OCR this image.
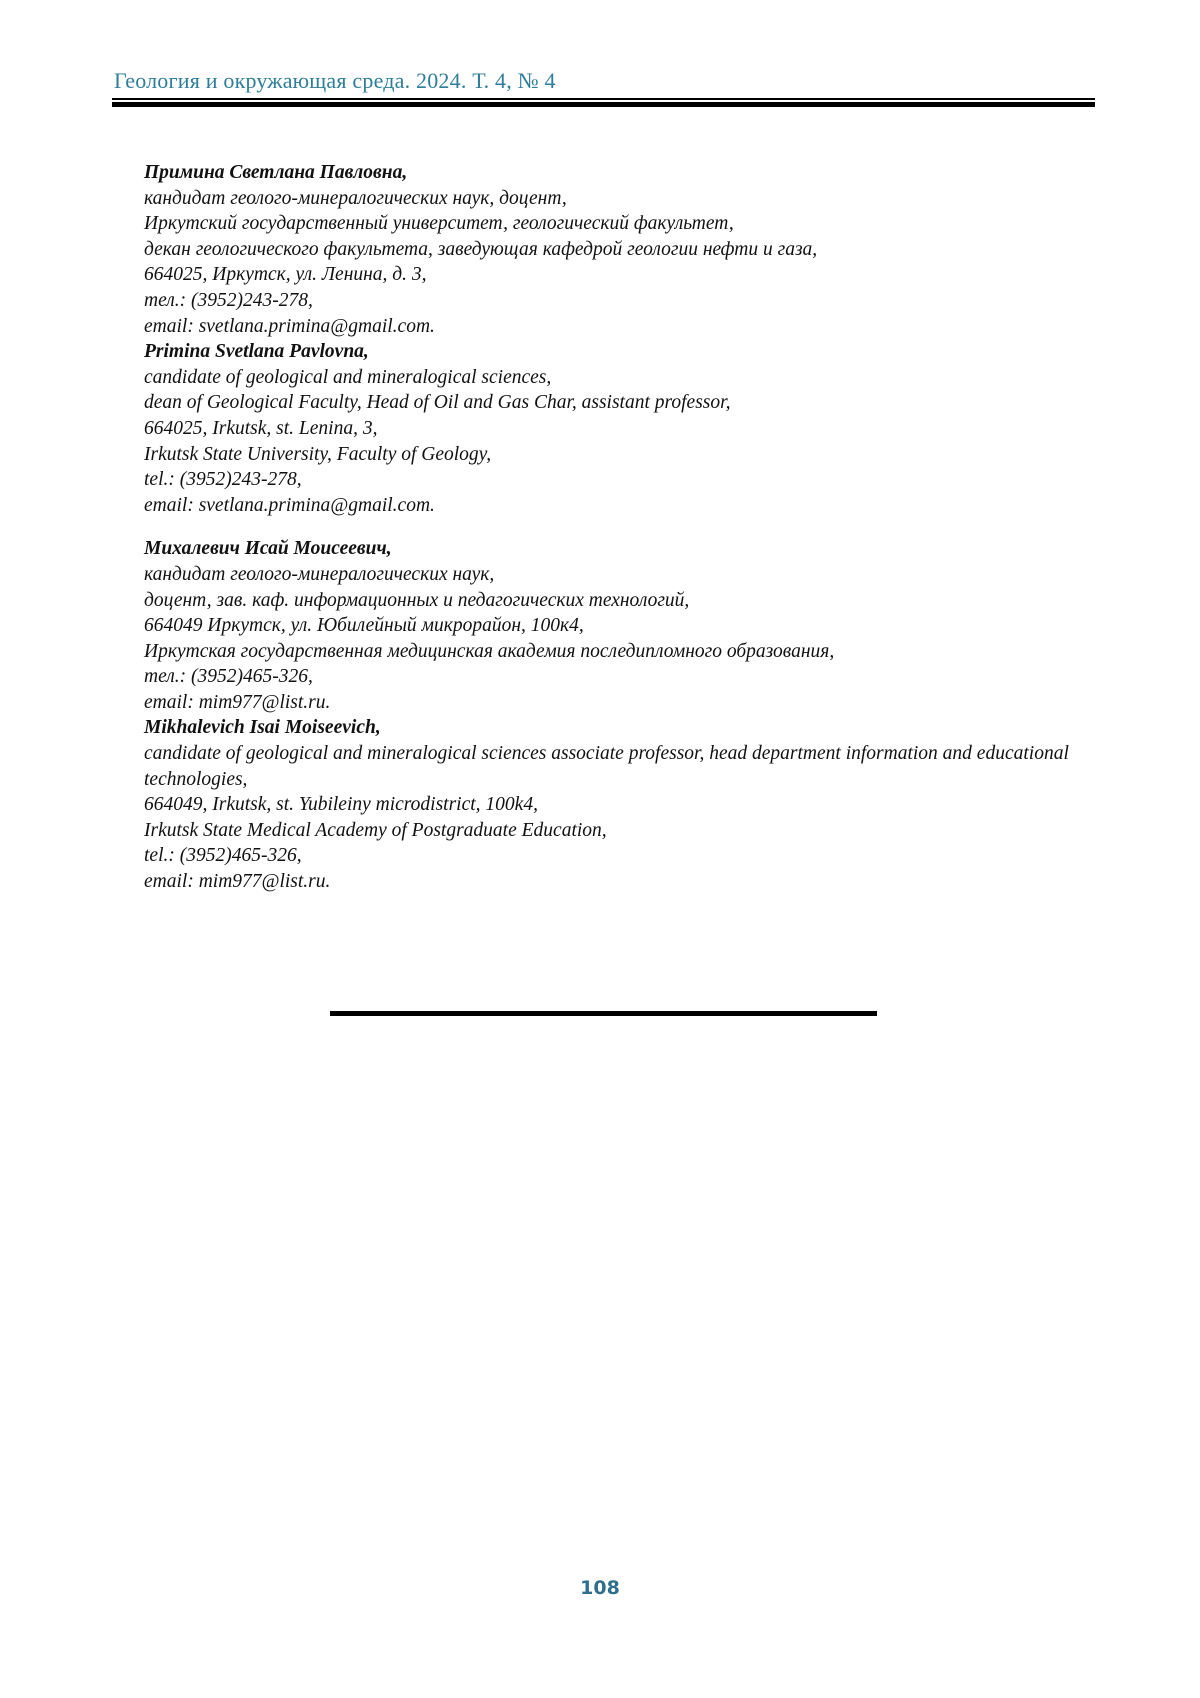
Геология и окружающая среда. 2024. Т. 4, № 4
Примина Светлана Павловна,
кандидат геолого-минералогических наук, доцент,
Иркутский государственный университет, геологический факультет,
декан геологического факультета, заведующая кафедрой геологии нефти и газа,
664025, Иркутск, ул. Ленина, д. 3,
тел.: (3952)243-278,
email: svetlana.primina@gmail.com.
Primina Svetlana Pavlovna,
candidate of geological and mineralogical sciences,
dean of Geological Faculty, Head of Oil and Gas Char, assistant professor,
664025, Irkutsk, st. Lenina, 3,
Irkutsk State University, Faculty of Geology,
tel.: (3952)243-278,
email: svetlana.primina@gmail.com.
Михалевич Исай Моисеевич,
кандидат геолого-минералогических наук,
доцент, зав. каф. информационных и педагогических технологий,
664049 Иркутск, ул. Юбилейный микрорайон, 100к4,
Иркутская государственная медицинская академия последипломного образования,
тел.: (3952)465-326,
email: mim977@list.ru.
Mikhalevich Isai Moiseevich,
candidate of geological and mineralogical sciences associate professor, head department information and educational technologies,
664049, Irkutsk, st. Yubileiny microdistrict, 100k4,
Irkutsk State Medical Academy of Postgraduate Education,
tel.: (3952)465-326,
email: mim977@list.ru.
108
